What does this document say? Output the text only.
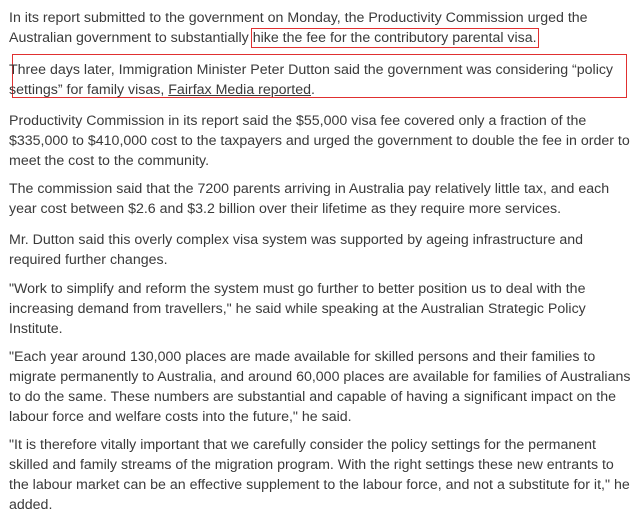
In its report submitted to the government on Monday, the Productivity Commission urged the Australian government to substantially hike the fee for the contributory parental visa.

Three days later, Immigration Minister Peter Dutton said the government was considering “policy settings” for family visas, Fairfax Media reported.

Productivity Commission in its report said the $55,000 visa fee covered only a fraction of the $335,000 to $410,000 cost to the taxpayers and urged the government to double the fee in order to meet the cost to the community.

The commission said that the 7200 parents arriving in Australia pay relatively little tax, and each year cost between $2.6 and $3.2 billion over their lifetime as they require more services.

Mr. Dutton said this overly complex visa system was supported by ageing infrastructure and required further changes.

"Work to simplify and reform the system must go further to better position us to deal with the increasing demand from travellers," he said while speaking at the Australian Strategic Policy Institute.

"Each year around 130,000 places are made available for skilled persons and their families to migrate permanently to Australia, and around 60,000 places are available for families of Australians to do the same. These numbers are substantial and capable of having a significant impact on the labour force and welfare costs into the future," he said.

"It is therefore vitally important that we carefully consider the policy settings for the permanent skilled and family streams of the migration program. With the right settings these new entrants to the labour market can be an effective supplement to the labour force, and not a substitute for it," he added.
